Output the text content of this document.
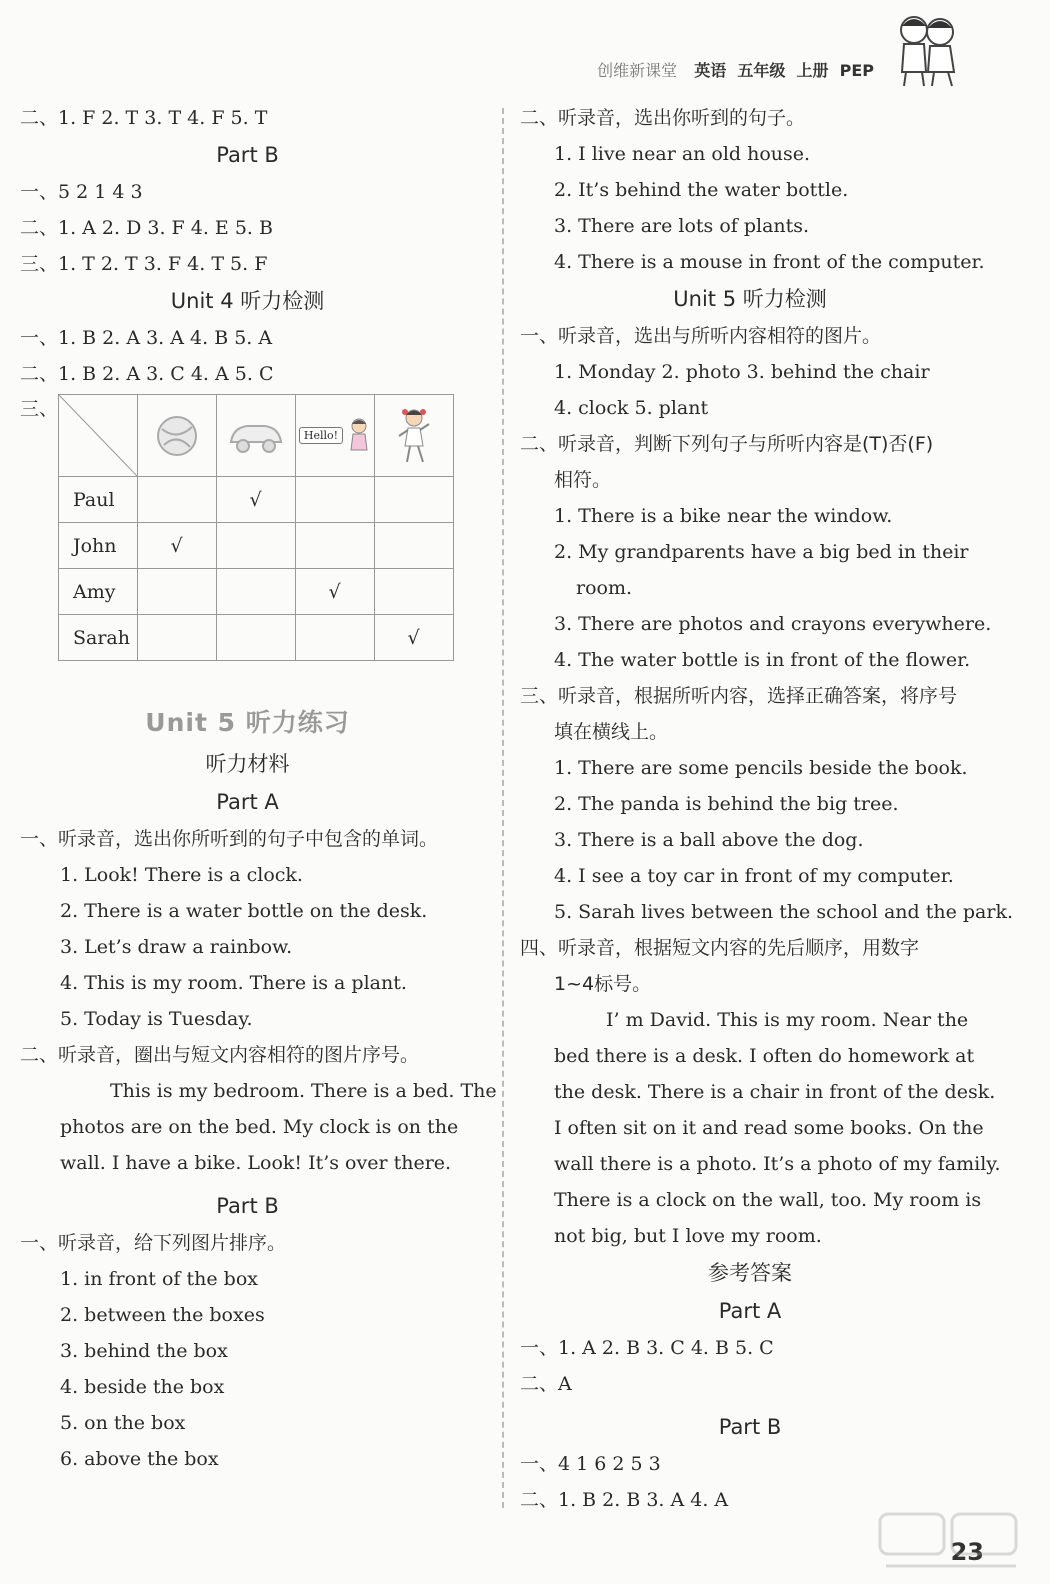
创维新课堂 英语 五年级 上册 PEP
二、1. F 2. T 3. T 4. F 5. T
Part B
一、5 2 1 4 3
二、1. A 2. D 3. F 4. E 5. B
三、1. T 2. T 3. F 4. T 5. F
Unit 4 听力检测
一、1. B 2. A 3. A 4. B 5. A
二、1. B 2. A 3. C 4. A 5. C
三、

Hello!

Paul		√		
John	√			
Amy			√	
Sarah				√
Unit 5 听力练习
听力材料
Part A
一、听录音，选出你所听到的句子中包含的单词。
1. Look! There is a clock.
2. There is a water bottle on the desk.
3. Let’s draw a rainbow.
4. This is my room. There is a plant.
5. Today is Tuesday.
二、听录音，圈出与短文内容相符的图片序号。
This is my bedroom. There is a bed. The
photos are on the bed. My clock is on the
wall. I have a bike. Look! It’s over there.
Part B
一、听录音，给下列图片排序。
1. in front of the box
2. between the boxes
3. behind the box
4. beside the box
5. on the box
6. above the box
二、听录音，选出你听到的句子。
1. I live near an old house.
2. It’s behind the water bottle.
3. There are lots of plants.
4. There is a mouse in front of the computer.
Unit 5 听力检测
一、听录音，选出与所听内容相符的图片。
1. Monday 2. photo 3. behind the chair
4. clock 5. plant
二、听录音，判断下列句子与所听内容是(T)否(F)
相符。
1. There is a bike near the window.
2. My grandparents have a big bed in their
room.
3. There are photos and crayons everywhere.
4. The water bottle is in front of the flower.
三、听录音，根据所听内容，选择正确答案，将序号
填在横线上。
1. There are some pencils beside the book.
2. The panda is behind the big tree.
3. There is a ball above the dog.
4. I see a toy car in front of my computer.
5. Sarah lives between the school and the park.
四、听录音，根据短文内容的先后顺序，用数字
1~4标号。
I’ m David. This is my room. Near the
bed there is a desk. I often do homework at
the desk. There is a chair in front of the desk.
I often sit on it and read some books. On the
wall there is a photo. It’s a photo of my family.
There is a clock on the wall, too. My room is
not big, but I love my room.
参考答案
Part A
一、1. A 2. B 3. C 4. B 5. C
二、A
Part B
一、4 1 6 2 5 3
二、1. B 2. B 3. A 4. A
23
